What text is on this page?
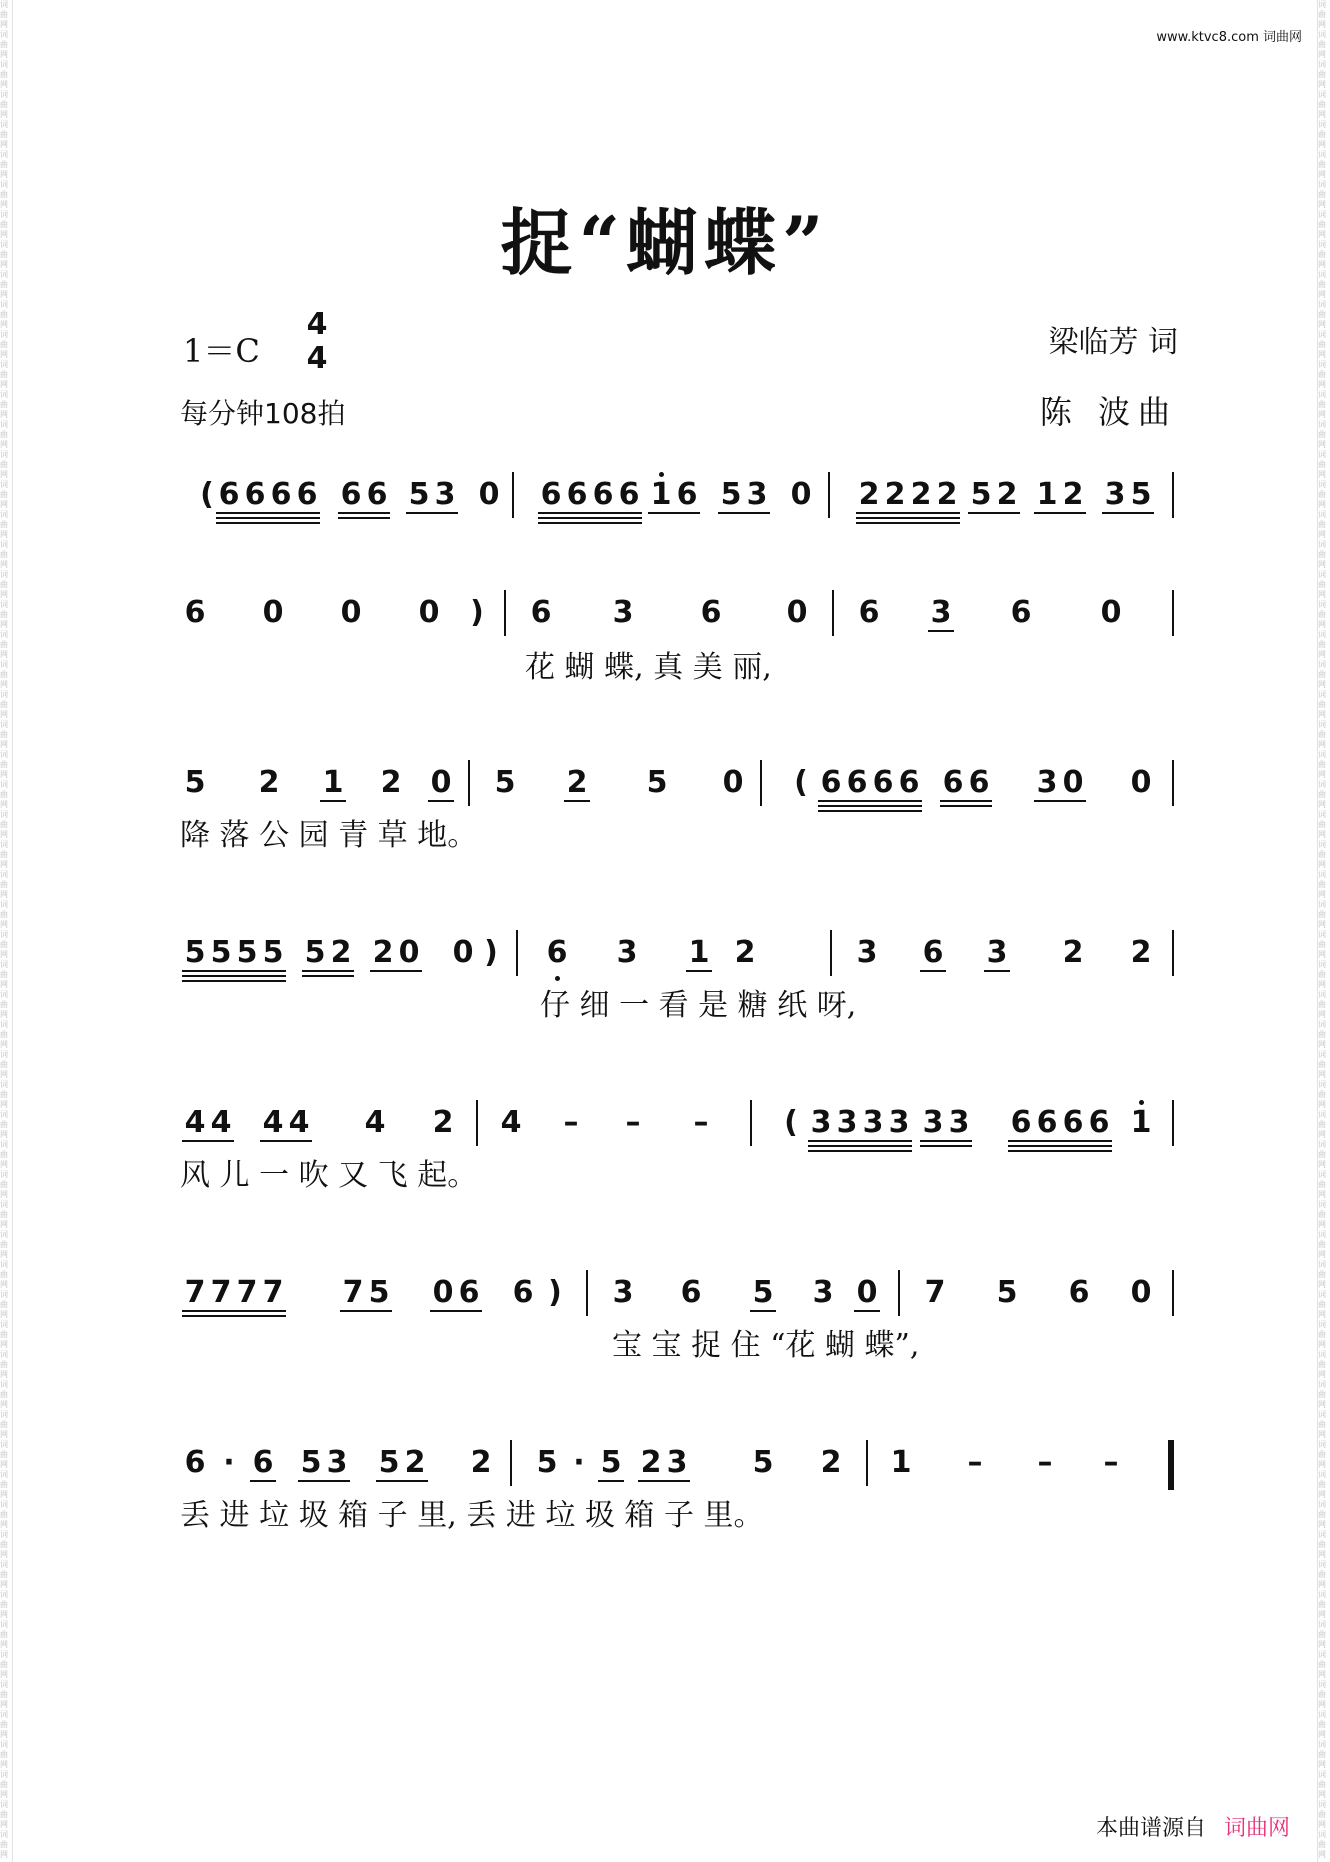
词
曲
网
词
曲
网
词
曲
网
词
曲
网
词
曲
网
词
曲
网
词
曲
网
词
曲
网
词
曲
网
词
曲
网
词
曲
网
词
曲
网
词
曲
网
词
曲
网
词
曲
网
词
曲
网
词
曲
网
词
曲
网
词
曲
网
词
曲
网
词
曲
网
词
曲
网
词
曲
网
词
曲
网
词
曲
网
词
曲
网
词
曲
网
词
曲
网
词
曲
网
词
曲
网
词
曲
网
词
曲
网
词
曲
网
词
曲
网
词
曲
网
词
曲
网
词
曲
网
词
曲
网
词
曲
网
词
曲
网
词
曲
网
词
曲
网
词
曲
网
词
曲
网
词
曲
网
词
曲
网
词
曲
网
词
曲
网
词
曲
网
词
曲
网
词
曲
网
词
曲
网
词
曲
网
词
曲
网
词
曲
网
词
曲
网
词
曲
网
词
曲
网
词
曲
网
词
曲
网
词
曲
网
词
曲
网
词
曲
网
词
曲
网
词
曲
网
词
曲
网
词
曲
网
词
曲
网
词
曲
网
词
曲
网
词
曲
网
词
曲
网
词
曲
网
词
曲
网
词
曲
网
词
曲
网
词
曲
网
词
曲
网
词
曲
网
词
曲
网
词
曲
网
词
曲
网
词
曲
网
词
曲
网
词
曲
网
词
曲
网
词
曲
网
词
曲
网
词
曲
网
词
曲
网
词
曲
网
词
曲
网
词
曲
网
词
曲
网
词
曲
网
词
曲
网
词
曲
网
词
曲
网
词
曲
网
词
曲
网
词
曲
网
词
曲
网
词
曲
网
词
曲
网
词
曲
网
词
曲
网
词
曲
网
词
曲
网
词
曲
网
词
曲
网
词
曲
网
词
曲
网
词
曲
网
词
曲
网
词
曲
网
词
曲
网
词
曲
网
词
曲
网
词
曲
网
词
曲
网
词
曲
网
词
曲
网
词
曲
网
词
曲
网
www.ktvc8.com 词曲网
捉“蝴蝶”
1＝C
4
4
每分钟108拍
梁临芳 词
陈 波曲
( 6 6 6 6 6 6 5 3 0 6 6 6 6 1 6 5 3 0 2 2 2 2 5 2 1 2 3 5
6 0 0 0 ) 6 3 6 0 6 3 6 0
5 2 1 2 0 5 2 5 0 ( 6 6 6 6 6 6 3 0 0
5 5 5 5 5 2 2 0 0 ) 6 3 1 2	3 6 3 2 2
4 4 4 4 4 2 4 – – –	( 3 3 3 3 3 3 6 6 6 6 1
7 7 7 7 7 5 0 6 6 ) 3 6 5 3 0 7 5 6 0
6 · 6 5 3 5 2 2 5 · 5 2 3 5 2 1 – – –
花 蝴 蝶, 真 美 丽,
降 落 公 园 青 草 地。
仔 细 一 看 是 糖 纸 呀,
风 儿 一 吹 又 飞 起。
宝 宝 捉 住 “花 蝴 蝶”,
丢 进 垃 圾 箱 子 里, 丢 进 垃 圾 箱 子 里。
本曲谱源自 词曲网
